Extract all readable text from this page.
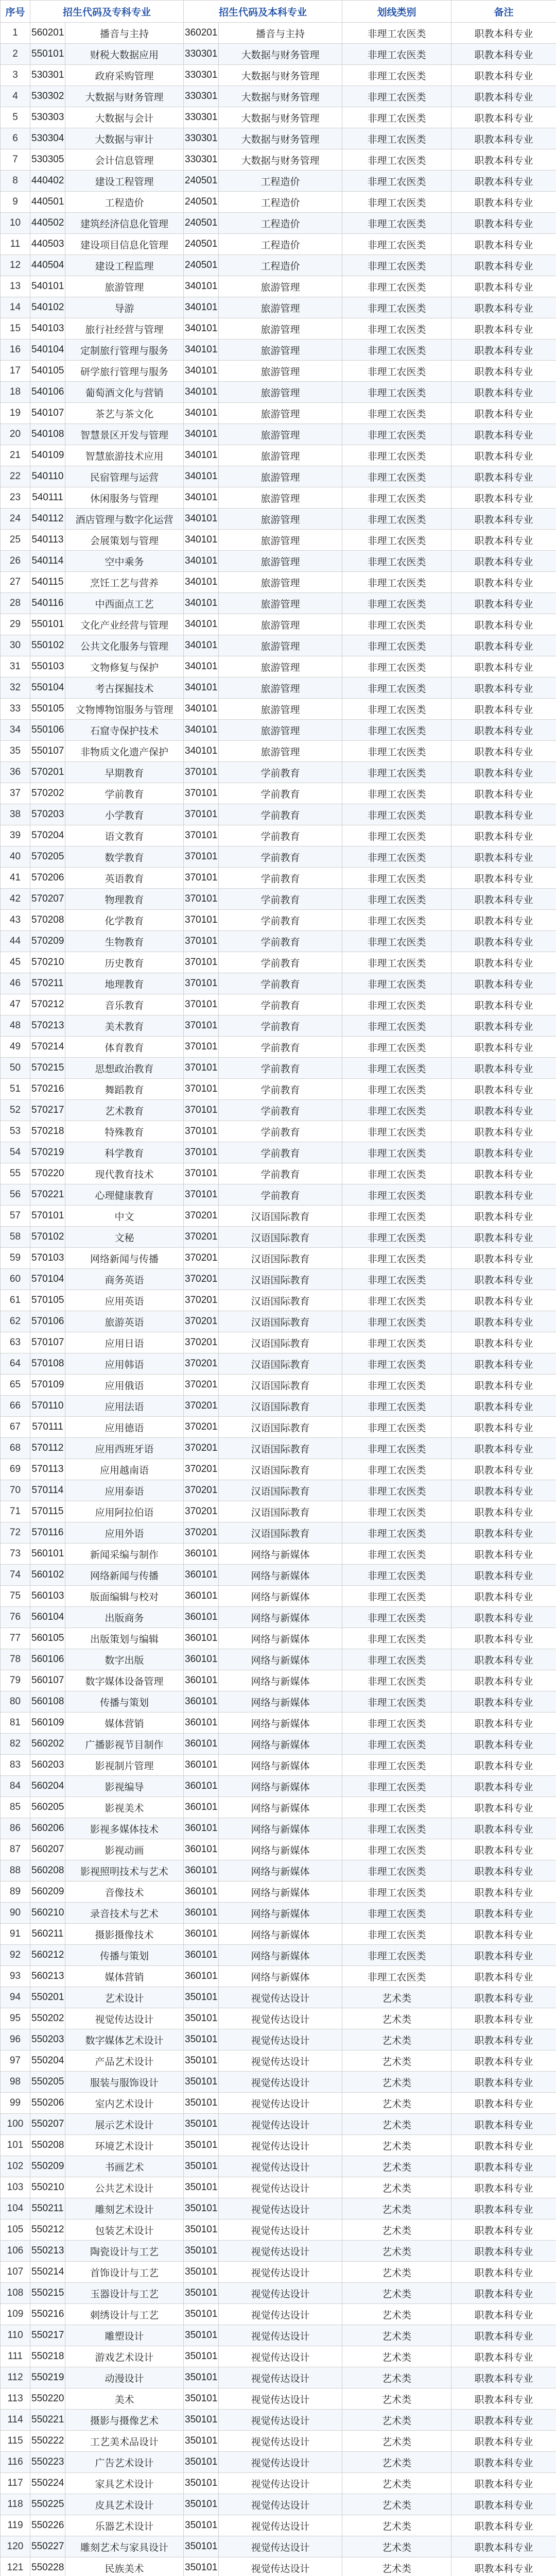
序号	招生代码及专科专业		招生代码及本科专业		划线类别	备注
1	560201	播音与主持	360201	播音与主持	非理工农医类	职教本科专业
2	550101	财税大数据应用	330301	大数据与财务管理	非理工农医类	职教本科专业
3	530301	政府采购管理	330301	大数据与财务管理	非理工农医类	职教本科专业
4	530302	大数据与财务管理	330301	大数据与财务管理	非理工农医类	职教本科专业
5	530303	大数据与会计	330301	大数据与财务管理	非理工农医类	职教本科专业
6	530304	大数据与审计	330301	大数据与财务管理	非理工农医类	职教本科专业
7	530305	会计信息管理	330301	大数据与财务管理	非理工农医类	职教本科专业
8	440402	建设工程管理	240501	工程造价	非理工农医类	职教本科专业
9	440501	工程造价	240501	工程造价	非理工农医类	职教本科专业
10	440502	建筑经济信息化管理	240501	工程造价	非理工农医类	职教本科专业
11	440503	建设项目信息化管理	240501	工程造价	非理工农医类	职教本科专业
12	440504	建设工程监理	240501	工程造价	非理工农医类	职教本科专业
13	540101	旅游管理	340101	旅游管理	非理工农医类	职教本科专业
14	540102	导游	340101	旅游管理	非理工农医类	职教本科专业
15	540103	旅行社经营与管理	340101	旅游管理	非理工农医类	职教本科专业
16	540104	定制旅行管理与服务	340101	旅游管理	非理工农医类	职教本科专业
17	540105	研学旅行管理与服务	340101	旅游管理	非理工农医类	职教本科专业
18	540106	葡萄酒文化与营销	340101	旅游管理	非理工农医类	职教本科专业
19	540107	茶艺与茶文化	340101	旅游管理	非理工农医类	职教本科专业
20	540108	智慧景区开发与管理	340101	旅游管理	非理工农医类	职教本科专业
21	540109	智慧旅游技术应用	340101	旅游管理	非理工农医类	职教本科专业
22	540110	民宿管理与运营	340101	旅游管理	非理工农医类	职教本科专业
23	540111	休闲服务与管理	340101	旅游管理	非理工农医类	职教本科专业
24	540112	酒店管理与数字化运营	340101	旅游管理	非理工农医类	职教本科专业
25	540113	会展策划与管理	340101	旅游管理	非理工农医类	职教本科专业
26	540114	空中乘务	340101	旅游管理	非理工农医类	职教本科专业
27	540115	烹饪工艺与营养	340101	旅游管理	非理工农医类	职教本科专业
28	540116	中西面点工艺	340101	旅游管理	非理工农医类	职教本科专业
29	550101	文化产业经营与管理	340101	旅游管理	非理工农医类	职教本科专业
30	550102	公共文化服务与管理	340101	旅游管理	非理工农医类	职教本科专业
31	550103	文物修复与保护	340101	旅游管理	非理工农医类	职教本科专业
32	550104	考古探掘技术	340101	旅游管理	非理工农医类	职教本科专业
33	550105	文物博物馆服务与管理	340101	旅游管理	非理工农医类	职教本科专业
34	550106	石窟寺保护技术	340101	旅游管理	非理工农医类	职教本科专业
35	550107	非物质文化遗产保护	340101	旅游管理	非理工农医类	职教本科专业
36	570201	早期教育	370101	学前教育	非理工农医类	职教本科专业
37	570202	学前教育	370101	学前教育	非理工农医类	职教本科专业
38	570203	小学教育	370101	学前教育	非理工农医类	职教本科专业
39	570204	语文教育	370101	学前教育	非理工农医类	职教本科专业
40	570205	数学教育	370101	学前教育	非理工农医类	职教本科专业
41	570206	英语教育	370101	学前教育	非理工农医类	职教本科专业
42	570207	物理教育	370101	学前教育	非理工农医类	职教本科专业
43	570208	化学教育	370101	学前教育	非理工农医类	职教本科专业
44	570209	生物教育	370101	学前教育	非理工农医类	职教本科专业
45	570210	历史教育	370101	学前教育	非理工农医类	职教本科专业
46	570211	地理教育	370101	学前教育	非理工农医类	职教本科专业
47	570212	音乐教育	370101	学前教育	非理工农医类	职教本科专业
48	570213	美术教育	370101	学前教育	非理工农医类	职教本科专业
49	570214	体育教育	370101	学前教育	非理工农医类	职教本科专业
50	570215	思想政治教育	370101	学前教育	非理工农医类	职教本科专业
51	570216	舞蹈教育	370101	学前教育	非理工农医类	职教本科专业
52	570217	艺术教育	370101	学前教育	非理工农医类	职教本科专业
53	570218	特殊教育	370101	学前教育	非理工农医类	职教本科专业
54	570219	科学教育	370101	学前教育	非理工农医类	职教本科专业
55	570220	现代教育技术	370101	学前教育	非理工农医类	职教本科专业
56	570221	心理健康教育	370101	学前教育	非理工农医类	职教本科专业
57	570101	中文	370201	汉语国际教育	非理工农医类	职教本科专业
58	570102	文秘	370201	汉语国际教育	非理工农医类	职教本科专业
59	570103	网络新闻与传播	370201	汉语国际教育	非理工农医类	职教本科专业
60	570104	商务英语	370201	汉语国际教育	非理工农医类	职教本科专业
61	570105	应用英语	370201	汉语国际教育	非理工农医类	职教本科专业
62	570106	旅游英语	370201	汉语国际教育	非理工农医类	职教本科专业
63	570107	应用日语	370201	汉语国际教育	非理工农医类	职教本科专业
64	570108	应用韩语	370201	汉语国际教育	非理工农医类	职教本科专业
65	570109	应用俄语	370201	汉语国际教育	非理工农医类	职教本科专业
66	570110	应用法语	370201	汉语国际教育	非理工农医类	职教本科专业
67	570111	应用德语	370201	汉语国际教育	非理工农医类	职教本科专业
68	570112	应用西班牙语	370201	汉语国际教育	非理工农医类	职教本科专业
69	570113	应用越南语	370201	汉语国际教育	非理工农医类	职教本科专业
70	570114	应用泰语	370201	汉语国际教育	非理工农医类	职教本科专业
71	570115	应用阿拉伯语	370201	汉语国际教育	非理工农医类	职教本科专业
72	570116	应用外语	370201	汉语国际教育	非理工农医类	职教本科专业
73	560101	新闻采编与制作	360101	网络与新媒体	非理工农医类	职教本科专业
74	560102	网络新闻与传播	360101	网络与新媒体	非理工农医类	职教本科专业
75	560103	版面编辑与校对	360101	网络与新媒体	非理工农医类	职教本科专业
76	560104	出版商务	360101	网络与新媒体	非理工农医类	职教本科专业
77	560105	出版策划与编辑	360101	网络与新媒体	非理工农医类	职教本科专业
78	560106	数字出版	360101	网络与新媒体	非理工农医类	职教本科专业
79	560107	数字媒体设备管理	360101	网络与新媒体	非理工农医类	职教本科专业
80	560108	传播与策划	360101	网络与新媒体	非理工农医类	职教本科专业
81	560109	媒体营销	360101	网络与新媒体	非理工农医类	职教本科专业
82	560202	广播影视节目制作	360101	网络与新媒体	非理工农医类	职教本科专业
83	560203	影视制片管理	360101	网络与新媒体	非理工农医类	职教本科专业
84	560204	影视编导	360101	网络与新媒体	非理工农医类	职教本科专业
85	560205	影视美术	360101	网络与新媒体	非理工农医类	职教本科专业
86	560206	影视多媒体技术	360101	网络与新媒体	非理工农医类	职教本科专业
87	560207	影视动画	360101	网络与新媒体	非理工农医类	职教本科专业
88	560208	影视照明技术与艺术	360101	网络与新媒体	非理工农医类	职教本科专业
89	560209	音像技术	360101	网络与新媒体	非理工农医类	职教本科专业
90	560210	录音技术与艺术	360101	网络与新媒体	非理工农医类	职教本科专业
91	560211	摄影摄像技术	360101	网络与新媒体	非理工农医类	职教本科专业
92	560212	传播与策划	360101	网络与新媒体	非理工农医类	职教本科专业
93	560213	媒体营销	360101	网络与新媒体	非理工农医类	职教本科专业
94	550201	艺术设计	350101	视觉传达设计	艺术类	职教本科专业
95	550202	视觉传达设计	350101	视觉传达设计	艺术类	职教本科专业
96	550203	数字媒体艺术设计	350101	视觉传达设计	艺术类	职教本科专业
97	550204	产品艺术设计	350101	视觉传达设计	艺术类	职教本科专业
98	550205	服装与服饰设计	350101	视觉传达设计	艺术类	职教本科专业
99	550206	室内艺术设计	350101	视觉传达设计	艺术类	职教本科专业
100	550207	展示艺术设计	350101	视觉传达设计	艺术类	职教本科专业
101	550208	环境艺术设计	350101	视觉传达设计	艺术类	职教本科专业
102	550209	书画艺术	350101	视觉传达设计	艺术类	职教本科专业
103	550210	公共艺术设计	350101	视觉传达设计	艺术类	职教本科专业
104	550211	雕刻艺术设计	350101	视觉传达设计	艺术类	职教本科专业
105	550212	包装艺术设计	350101	视觉传达设计	艺术类	职教本科专业
106	550213	陶瓷设计与工艺	350101	视觉传达设计	艺术类	职教本科专业
107	550214	首饰设计与工艺	350101	视觉传达设计	艺术类	职教本科专业
108	550215	玉器设计与工艺	350101	视觉传达设计	艺术类	职教本科专业
109	550216	刺绣设计与工艺	350101	视觉传达设计	艺术类	职教本科专业
110	550217	雕塑设计	350101	视觉传达设计	艺术类	职教本科专业
111	550218	游戏艺术设计	350101	视觉传达设计	艺术类	职教本科专业
112	550219	动漫设计	350101	视觉传达设计	艺术类	职教本科专业
113	550220	美术	350101	视觉传达设计	艺术类	职教本科专业
114	550221	摄影与摄像艺术	350101	视觉传达设计	艺术类	职教本科专业
115	550222	工艺美术品设计	350101	视觉传达设计	艺术类	职教本科专业
116	550223	广告艺术设计	350101	视觉传达设计	艺术类	职教本科专业
117	550224	家具艺术设计	350101	视觉传达设计	艺术类	职教本科专业
118	550225	皮具艺术设计	350101	视觉传达设计	艺术类	职教本科专业
119	550226	乐器艺术设计	350101	视觉传达设计	艺术类	职教本科专业
120	550227	雕刻艺术与家具设计	350101	视觉传达设计	艺术类	职教本科专业
121	550228	民族美术	350101	视觉传达设计	艺术类	职教本科专业
